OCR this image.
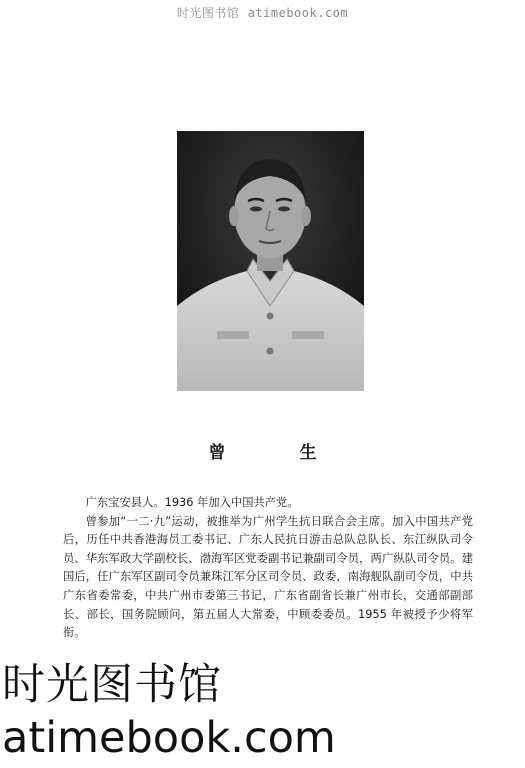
时光图书馆 atimebook.com
曾 生

广东宝安县人。1936 年加入中国共产党。

曾参加“一二·九”运动，被推举为广州学生抗日联合会主席。加入中国共产党后，历任中共香港海员工委书记、广东人民抗日游击总队总队长、东江纵队司令员、华东军政大学副校长、渤海军区党委副书记兼副司令员，两广纵队司令员。建国后，任广东军区副司令员兼珠江军分区司令员、政委，南海舰队副司令员，中共广东省委常委，中共广州市委第三书记，广东省副省长兼广州市长，交通部副部长、部长，国务院顾问，第五届人大常委，中顾委委员。1955 年被授予少将军衔。

时光图书馆
atimebook.com
